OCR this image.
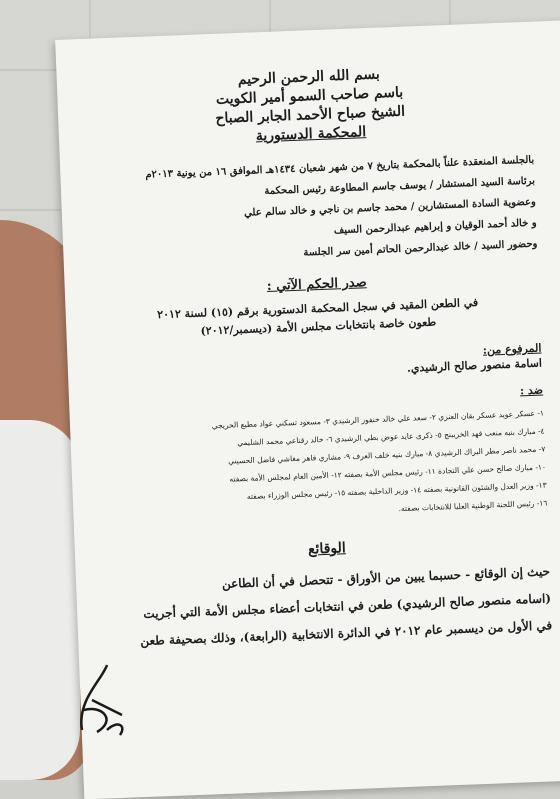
بسم الله الرحمن الرحيم
باسم صاحب السمو أمير الكويت
الشيخ صباح الأحمد الجابر الصباح
المحكمة الدستورية
بالجلسة المنعقدة علناً بالمحكمة بتاريخ ٧ من شهر شعبان ١٤٣٤هـ الموافق ١٦ من يونية ٢٠١٣م
برئاسة السيد المستشار / يوسف جاسم المطاوعة رئيس المحكمة
وعضوية السادة المستشارين / محمد جاسم بن ناجي و خالد سالم علي
و خالد أحمد الوقيان و إبراهيم عبدالرحمن السيف
وحضور السيد / خالد عبدالرحمن الحاتم أمين سر الجلسة
صدر الحكم الآتي :
في الطعن المقيد في سجل المحكمة الدستورية برقم (١٥) لسنة ٢٠١٢
طعون خاصة بانتخابات مجلس الأمة (ديسمبر/٢٠١٢)
المرفوع من:
اسامة منصور صالح الرشيدي.
ضد :
١- عسكر عويد عسكر بقان العنزي ٢- سعد علي خالد خنفور الرشيدي ٣- مسعود تسكني عواد مطيع الحريجي
٤- مبارك بنيه منعب فهد الخريبنج ٥- ذكرى عايد عوض بطي الرشيدي ٦- خالد رقناعي محمد الشليمي
٧- محمد ناصر مطر البراك الرشيدي ٨- مبارك بنيه خلف العرف ٩- مشاري فاهر مغاشي فاضل الحسيني
١٠- مبارك صالح حسن علي النجادة ١١- رئيس مجلس الأمة بصفته ١٢- الأمين العام لمجلس الأمة بصفته
١٣- وزير العدل والشئون القانونية بصفته ١٤- وزير الداخلية بصفته ١٥- رئيس مجلس الوزراء بصفته
١٦- رئيس اللجنة الوطنية العليا للانتخابات بصفته.
الوقائع
حيث إن الوقائع - حسبما يبين من الأوراق - تتحصل في أن الطاعن
(اسامه منصور صالح الرشيدي) طعن في انتخابات أعضاء مجلس الأمة التي أجريت
في الأول من ديسمبر عام ٢٠١٢ في الدائرة الانتخابية (الرابعة)، وذلك بصحيفة طعن
